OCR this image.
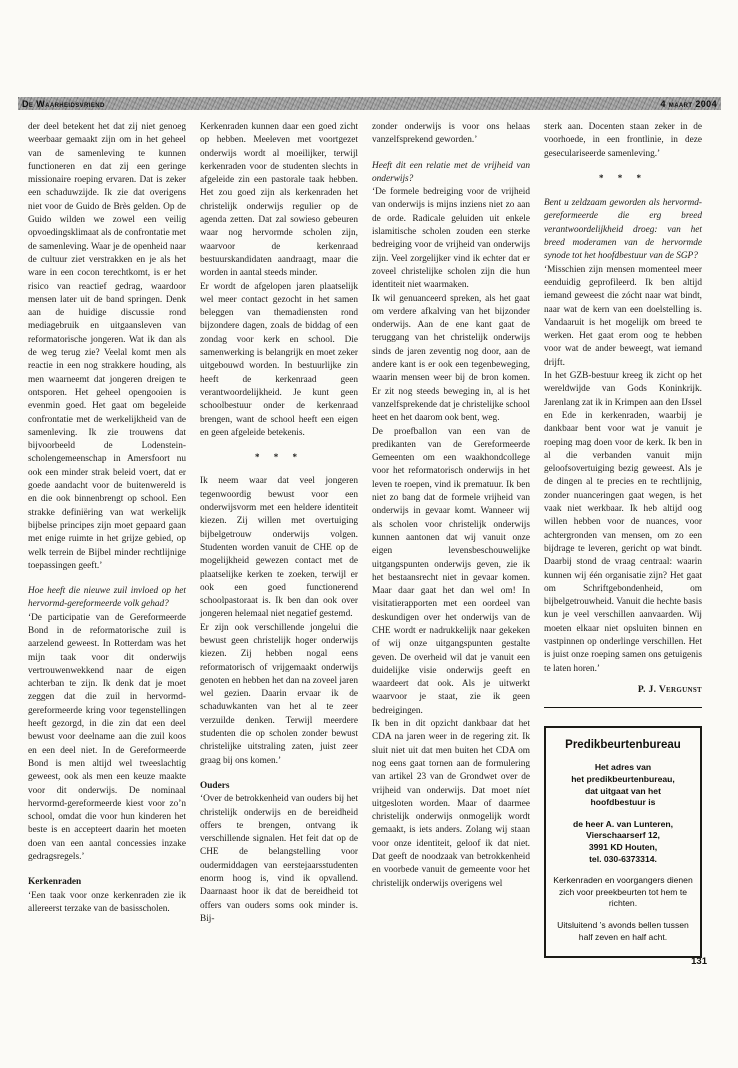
De Waarheidsvriend	4 maart 2004

der deel betekent het dat zij niet genoeg weerbaar gemaakt zijn om in het geheel van de samenleving te kunnen functioneren en dat zij een geringe missionaire roeping ervaren. Dat is zeker een schaduwzijde. Ik zie dat overigens niet voor de Guido de Brès gelden. Op de Guido wilden we zowel een veilig opvoedingsklimaat als de confrontatie met de samenleving. Waar je de openheid naar de cultuur ziet verstrakken en je als het ware in een cocon terechtkomt, is er het risico van reactief gedrag, waardoor mensen later uit de band springen. Denk aan de huidige discussie rond mediagebruik en uitgaansleven van reformatorische jongeren. Wat ik dan als de weg terug zie? Veelal komt men als reactie in een nog strakkere houding, als men waarneemt dat jongeren dreigen te ontsporen. Het geheel opengooien is evenmin goed. Het gaat om begeleide confrontatie met de werkelijkheid van de samenleving. Ik zie trouwens dat bijvoorbeeld de Lodenstein-scholengemeenschap in Amersfoort nu ook een minder strak beleid voert, dat er goede aandacht voor de buitenwereld is en die ook binnenbrengt op school. Een strakke definiëring van wat werkelijk bijbelse principes zijn moet gepaard gaan met enige ruimte in het grijze gebied, op welk terrein de Bijbel minder rechtlijnige toepassingen geeft.’

Hoe heeft die nieuwe zuil invloed op het hervormd-gereformeerde volk gehad?

‘De participatie van de Gereformeerde Bond in de reformatorische zuil is aarzelend geweest. In Rotterdam was het mijn taak voor dit onderwijs vertrouwenwekkend naar de eigen achterban te zijn. Ik denk dat je moet zeggen dat die zuil in hervormd-gereformeerde kring voor tegenstellingen heeft gezorgd, in die zin dat een deel bewust voor deelname aan die zuil koos en een deel niet. In de Gereformeerde Bond is men altijd wel tweeslachtig geweest, ook als men een keuze maakte voor dit onderwijs. De nominaal hervormd-gereformeerde kiest voor zo’n school, omdat die voor hun kinderen het beste is en accepteert daarin het moeten doen van een aantal concessies inzake gedragsregels.’

Kerkenraden

‘Een taak voor onze kerkenraden zie ik allereerst terzake van de basisscholen.

Kerkenraden kunnen daar een goed zicht op hebben. Meeleven met voortgezet onderwijs wordt al moeilijker, terwijl kerkenraden voor de studenten slechts in afgeleide zin een pastorale taak hebben. Het zou goed zijn als kerkenraden het christelijk onderwijs regulier op de agenda zetten. Dat zal sowieso gebeuren waar nog hervormde scholen zijn, waarvoor de kerkenraad bestuurskandidaten aandraagt, maar die worden in aantal steeds minder.

Er wordt de afgelopen jaren plaatselijk wel meer contact gezocht in het samen beleggen van themadiensten rond bijzondere dagen, zoals de biddag of een zondag voor kerk en school. Die samenwerking is belangrijk en moet zeker uitgebouwd worden. In bestuurlijke zin heeft de kerkenraad geen verantwoordelijkheid. Je kunt geen schoolbestuur onder de kerkenraad brengen, want de school heeft een eigen en geen afgeleide betekenis.

* * *

Ik neem waar dat veel jongeren tegenwoordig bewust voor een onderwijsvorm met een heldere identiteit kiezen. Zij willen met overtuiging bijbelgetrouw onderwijs volgen. Studenten worden vanuit de CHE op de mogelijkheid gewezen contact met de plaatselijke kerken te zoeken, terwijl er ook een goed functionerend schoolpastoraat is. Ik ben dan ook over jongeren helemaal niet negatief gestemd.

Er zijn ook verschillende jongelui die bewust geen christelijk hoger onderwijs kiezen. Zij hebben nogal eens reformatorisch of vrijgemaakt onderwijs genoten en hebben het dan na zoveel jaren wel gezien. Daarin ervaar ik de schaduwkanten van het al te zeer verzuilde denken. Terwijl meerdere studenten die op scholen zonder bewust christelijke uitstraling zaten, juist zeer graag bij ons komen.’

Ouders

‘Over de betrokkenheid van ouders bij het christelijk onderwijs en de bereidheid offers te brengen, ontvang ik verschillende signalen. Het feit dat op de CHE de belangstelling voor oudermiddagen van eerstejaarsstudenten enorm hoog is, vind ik opvallend. Daarnaast hoor ik dat de bereidheid tot offers van ouders soms ook minder is. Bij-

zonder onderwijs is voor ons helaas vanzelfsprekend geworden.’

Heeft dit een relatie met de vrijheid van onderwijs?

‘De formele bedreiging voor de vrijheid van onderwijs is mijns inziens niet zo aan de orde. Radicale geluiden uit enkele islamitische scholen zouden een sterke bedreiging voor de vrijheid van onderwijs zijn. Veel zorgelijker vind ik echter dat er zoveel christelijke scholen zijn die hun identiteit niet waarmaken.

Ik wil genuanceerd spreken, als het gaat om verdere afkalving van het bijzonder onderwijs. Aan de ene kant gaat de teruggang van het christelijk onderwijs sinds de jaren zeventig nog door, aan de andere kant is er ook een tegenbeweging, waarin mensen weer bij de bron komen. Er zit nog steeds beweging in, al is het vanzelfsprekende dat je christelijke school heet en het daarom ook bent, weg.

De proefballon van een van de predikanten van de Gereformeerde Gemeenten om een waakhondcollege voor het reformatorisch onderwijs in het leven te roepen, vind ik prematuur. Ik ben niet zo bang dat de formele vrijheid van onderwijs in gevaar komt. Wanneer wij als scholen voor christelijk onderwijs kunnen aantonen dat wij vanuit onze eigen levensbeschouwelijke uitgangspunten onderwijs geven, zie ik het bestaansrecht niet in gevaar komen. Maar daar gaat het dan wel om! In visitatierapporten met een oordeel van deskundigen over het onderwijs van de CHE wordt er nadrukkelijk naar gekeken of wij onze uitgangspunten gestalte geven. De overheid wil dat je vanuit een duidelijke visie onderwijs geeft en waardeert dat ook. Als je uitwerkt waarvoor je staat, zie ik geen bedreigingen.

Ik ben in dit opzicht dankbaar dat het CDA na jaren weer in de regering zit. Ik sluit niet uit dat men buiten het CDA om nog eens gaat tornen aan de formulering van artikel 23 van de Grondwet over de vrijheid van onderwijs. Dat moet níet uitgesloten worden. Maar of daarmee christelijk onderwijs onmogelijk wordt gemaakt, is iets anders. Zolang wij staan voor onze identiteit, geloof ik dat niet. Dat geeft de noodzaak van betrokkenheid en voorbede vanuit de gemeente voor het christelijk onderwijs overigens wel

sterk aan. Docenten staan zeker in de voorhoede, in een frontlinie, in deze geseculariseerde samenleving.’

* * *

Bent u zeldzaam geworden als hervormd-gereformeerde die erg breed verantwoordelijkheid droeg: van het breed moderamen van de hervormde synode tot het hoofdbestuur van de SGP?

‘Misschien zijn mensen momenteel meer eenduidig geprofileerd. Ik ben altijd iemand geweest die zócht naar wat bindt, naar wat de kern van een doelstelling is. Vandaaruit is het mogelijk om breed te werken. Het gaat erom oog te hebben voor wat de ander beweegt, wat iemand drijft.

In het GZB-bestuur kreeg ik zicht op het wereldwijde van Gods Koninkrijk. Jarenlang zat ik in Krimpen aan den IJssel en Ede in kerkenraden, waarbij je dankbaar bent voor wat je vanuit je roeping mag doen voor de kerk. Ik ben in al die verbanden vanuit mijn geloofsovertuiging bezig geweest. Als je de dingen al te precies en te rechtlijnig, zonder nuanceringen gaat wegen, is het vaak niet werkbaar. Ik heb altijd oog willen hebben voor de nuances, voor achtergronden van mensen, om zo een bijdrage te leveren, gericht op wat bindt. Daarbij stond de vraag centraal: waarin kunnen wij één organisatie zijn? Het gaat om Schriftgebondenheid, om bijbelgetrouwheid. Vanuit die hechte basis kun je veel verschillen aanvaarden. Wij moeten elkaar niet opsluiten binnen en vastpinnen op onderlinge verschillen. Het is juist onze roeping samen ons getuigenis te laten horen.’

P. J. Vergunst

Predikbeurtenbureau

Het adres van

het predikbeurtenbureau,

dat uitgaat van het

hoofdbestuur is

de heer A. van Lunteren,

Vierschaarserf 12,

3991 KD Houten,

tel. 030-6373314.

Kerkenraden en voorgangers dienen zich voor preekbeurten tot hem te richten.

Uitsluitend ’s avonds bellen tussen half zeven en half acht.

131
